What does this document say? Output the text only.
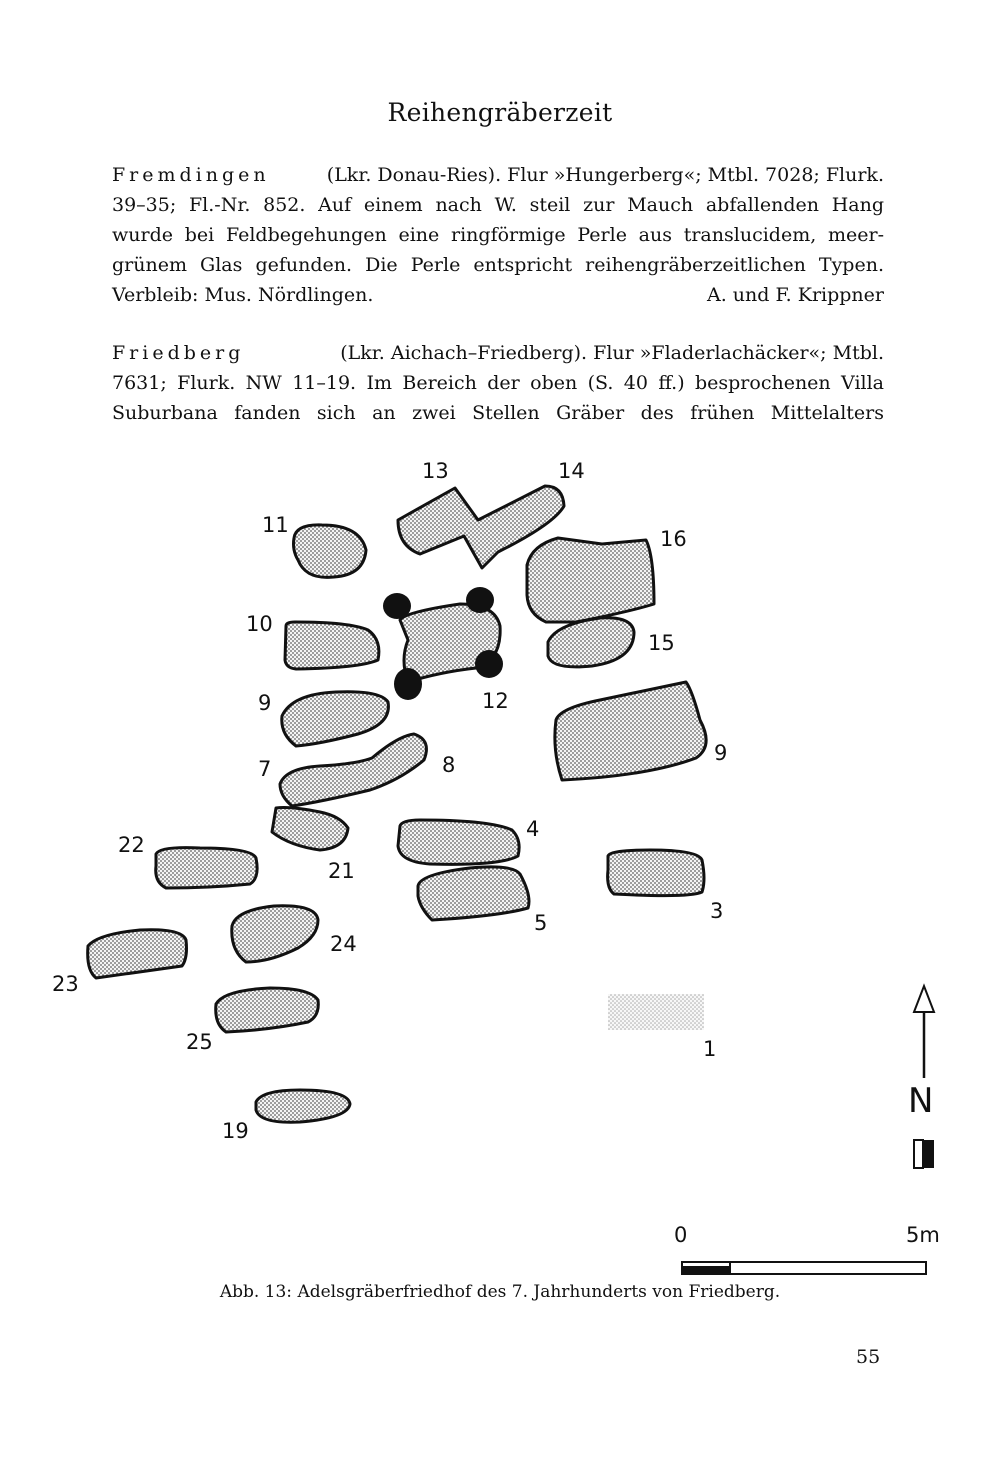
Reihengräberzeit
Fremdingen	(Lkr. Donau-Ries). Flur »Hungerberg«; Mtbl. 7028; Flurk.
39–35; Fl.-Nr. 852. Auf einem nach W. steil zur Mauch abfallenden Hang
wurde bei Feldbegehungen eine ringförmige Perle aus translucidem, meer-
grünem Glas gefunden. Die Perle entspricht reihengräberzeitlichen Typen.
Verbleib: Mus. Nördlingen.	A. und F. Krippner
Friedberg	(Lkr. Aichach–Friedberg). Flur »Fladerlachäcker«; Mtbl.
7631; Flurk. NW 11–19. Im Bereich der oben (S. 40 ff.) besprochenen Villa
Suburbana fanden sich an zwei Stellen Gräber des frühen Mittelalters
13	14
11
16
10
15
12
9
9
7	8
4
22
21
3
5
24
23
1
25
19
N
0	5m
Abb. 13: Adelsgräberfriedhof des 7. Jahrhunderts von Friedberg.
55
